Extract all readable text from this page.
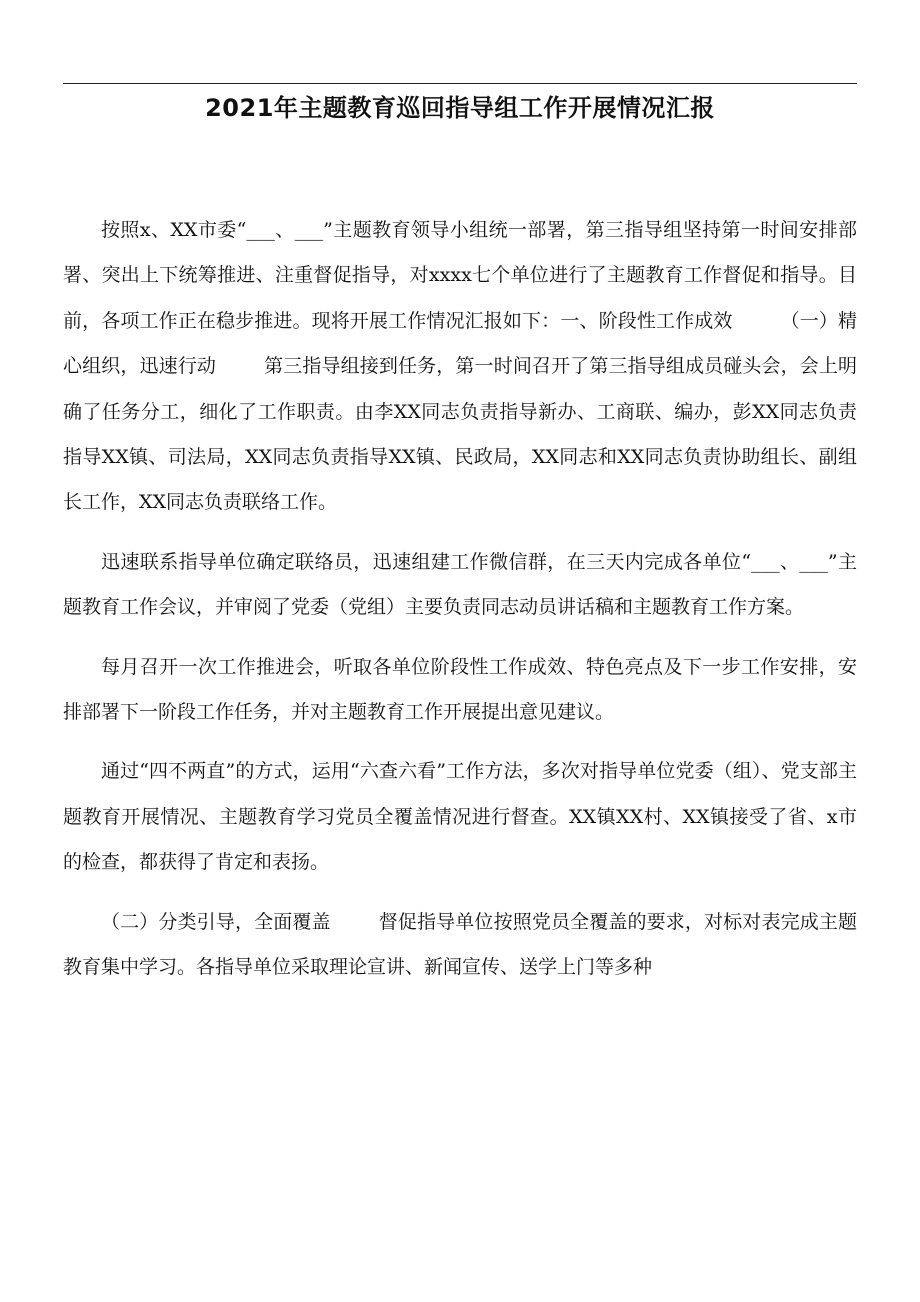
2021年主题教育巡回指导组工作开展情况汇报

按照x、XX市委“___、___”主题教育领导小组统一部署，第三指导组坚持第一时间安排部署、突出上下统筹推进、注重督促指导，对xxxx七个单位进行了主题教育工作督促和指导。目前，各项工作正在稳步推进。现将开展工作情况汇报如下：一、阶段性工作成效	（一）精心组织，迅速行动	第三指导组接到任务，第一时间召开了第三指导组成员碰头会，会上明确了任务分工，细化了工作职责。由李XX同志负责指导新办、工商联、编办，彭XX同志负责指导XX镇、司法局，XX同志负责指导XX镇、民政局，XX同志和XX同志负责协助组长、副组长工作，XX同志负责联络工作。

迅速联系指导单位确定联络员，迅速组建工作微信群，在三天内完成各单位“___、___”主题教育工作会议，并审阅了党委（党组）主要负责同志动员讲话稿和主题教育工作方案。

每月召开一次工作推进会，听取各单位阶段性工作成效、特色亮点及下一步工作安排，安排部署下一阶段工作任务，并对主题教育工作开展提出意见建议。

通过“四不两直”的方式，运用“六查六看”工作方法，多次对指导单位党委（组）、党支部主题教育开展情况、主题教育学习党员全覆盖情况进行督查。XX镇XX村、XX镇接受了省、x市的检查，都获得了肯定和表扬。

（二）分类引导，全面覆盖	督促指导单位按照党员全覆盖的要求，对标对表完成主题教育集中学习。各指导单位采取理论宣讲、新闻宣传、送学上门等多种
